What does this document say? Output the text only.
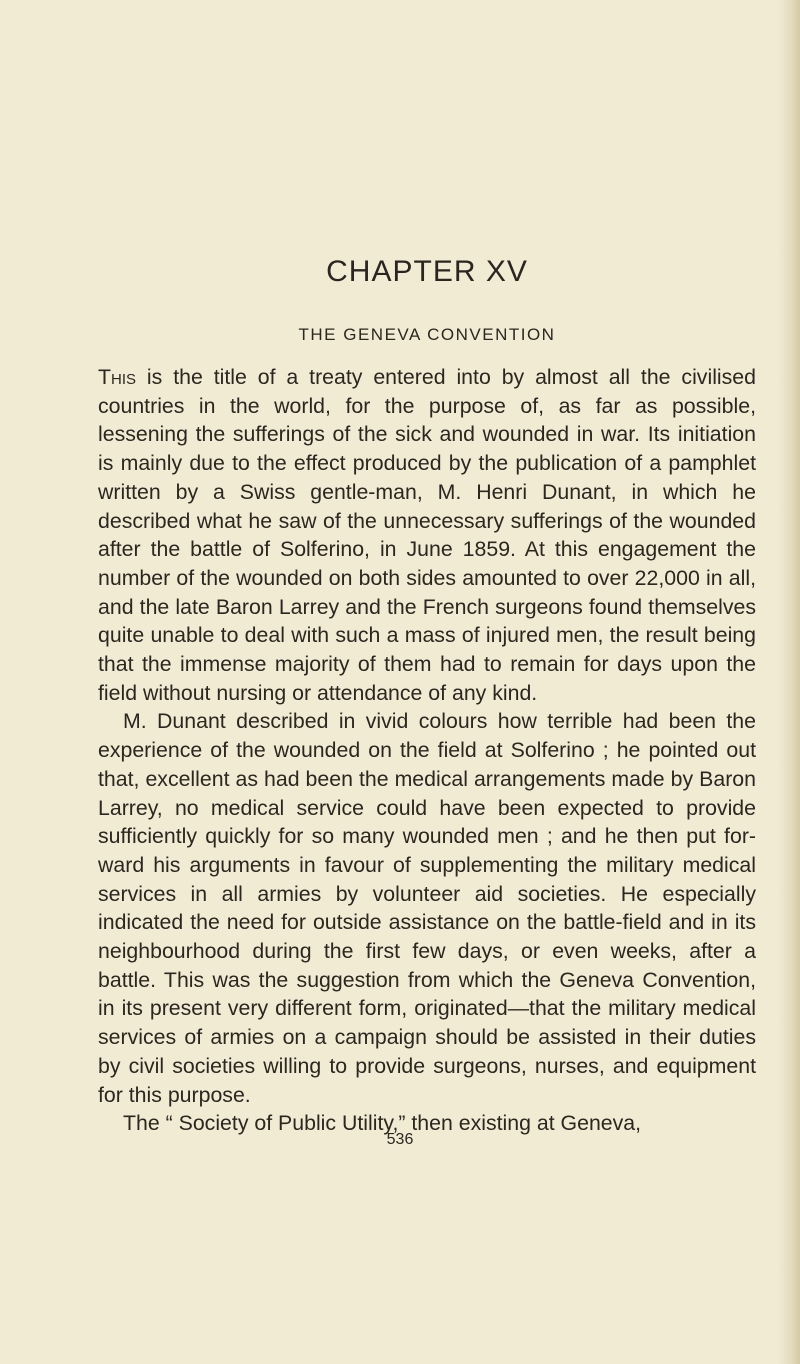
CHAPTER XV
THE GENEVA CONVENTION

This is the title of a treaty entered into by almost all the civilised countries in the world, for the purpose of, as far as possible, lessening the sufferings of the sick and wounded in war. Its initiation is mainly due to the effect produced by the publication of a pamphlet written by a Swiss gentle-man, M. Henri Dunant, in which he described what he saw of the unnecessary sufferings of the wounded after the battle of Solferino, in June 1859. At this engagement the number of the wounded on both sides amounted to over 22,000 in all, and the late Baron Larrey and the French surgeons found themselves quite unable to deal with such a mass of injured men, the result being that the immense majority of them had to remain for days upon the field without nursing or attendance of any kind.

M. Dunant described in vivid colours how terrible had been the experience of the wounded on the field at Solferino ; he pointed out that, excellent as had been the medical arrangements made by Baron Larrey, no medical service could have been expected to provide sufficiently quickly for so many wounded men ; and he then put for-ward his arguments in favour of supplementing the military medical services in all armies by volunteer aid societies. He especially indicated the need for outside assistance on the battle-field and in its neighbourhood during the first few days, or even weeks, after a battle. This was the suggestion from which the Geneva Convention, in its present very different form, originated—that the military medical services of armies on a campaign should be assisted in their duties by civil societies willing to provide surgeons, nurses, and equipment for this purpose.

The “ Society of Public Utility,” then existing at Geneva,

536
